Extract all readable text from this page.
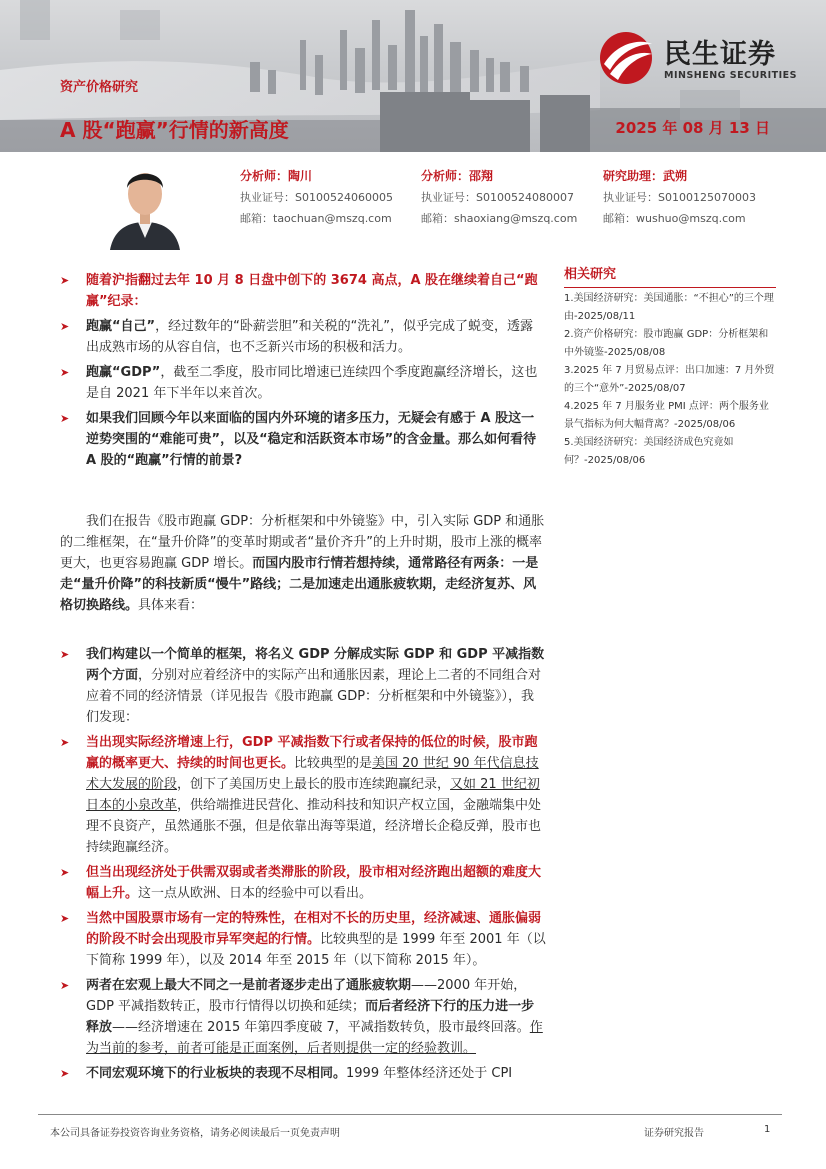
资产价格研究
A 股“跑赢”行情的新高度	2025 年 08 月 13 日
民生证券
MINSHENG SECURITIES
分析师：陶川
执业证号：S0100524060005
邮箱：taochuan@mszq.com
分析师：邵翔
执业证号：S0100524080007
邮箱：shaoxiang@mszq.com
研究助理：武朔
执业证号：S0100125070003
邮箱：wushuo@mszq.com

➤ 随着沪指翻过去年 10 月 8 日盘中创下的 3674 高点，A 股在继续着自己“跑赢”纪录：

➤ 跑赢“自己”，经过数年的“卧薪尝胆”和关税的“洗礼”，似乎完成了蜕变，透露出成熟市场的从容自信，也不乏新兴市场的积极和活力。

➤ 跑赢“GDP”，截至二季度，股市同比增速已连续四个季度跑赢经济增长，这也是自 2021 年下半年以来首次。

➤ 如果我们回顾今年以来面临的国内外环境的诸多压力，无疑会有感于 A 股这一逆势突围的“难能可贵”，以及“稳定和活跃资本市场”的含金量。那么如何看待 A 股的“跑赢”行情的前景?

我们在报告《股市跑赢 GDP：分析框架和中外镜鉴》中，引入实际 GDP 和通胀的二维框架，在“量升价降”的变革时期或者“量价齐升”的上升时期，股市上涨的概率更大，也更容易跑赢 GDP 增长。而国内股市行情若想持续，通常路径有两条：一是走“量升价降”的科技新质“慢牛”路线；二是加速走出通胀疲软期，走经济复苏、风格切换路线。具体来看：

➤ 我们构建以一个简单的框架，将名义 GDP 分解成实际 GDP 和 GDP 平减指数两个方面，分别对应着经济中的实际产出和通胀因素，理论上二者的不同组合对应着不同的经济情景（详见报告《股市跑赢 GDP：分析框架和中外镜鉴》），我们发现：

➤ 当出现实际经济增速上行，GDP 平减指数下行或者保持的低位的时候，股市跑赢的概率更大、持续的时间也更长。比较典型的是美国 20 世纪 90 年代信息技术大发展的阶段，创下了美国历史上最长的股市连续跑赢纪录，又如 21 世纪初日本的小泉改革，供给端推进民营化、推动科技和知识产权立国，金融端集中处理不良资产，虽然通胀不强，但是依靠出海等渠道，经济增长企稳反弹，股市也持续跑赢经济。

➤ 但当出现经济处于供需双弱或者类滞胀的阶段，股市相对经济跑出超额的难度大幅上升。这一点从欧洲、日本的经验中可以看出。

➤ 当然中国股票市场有一定的特殊性，在相对不长的历史里，经济减速、通胀偏弱的阶段不时会出现股市异军突起的行情。比较典型的是 1999 年至 2001 年（以下简称 1999 年），以及 2014 年至 2015 年（以下简称 2015 年）。

➤ 两者在宏观上最大不同之一是前者逐步走出了通胀疲软期——2000 年开始，GDP 平减指数转正，股市行情得以切换和延续；而后者经济下行的压力进一步释放——经济增速在 2015 年第四季度破 7，平减指数转负，股市最终回落。作为当前的参考，前者可能是正面案例，后者则提供一定的经验教训。

➤ 不同宏观环境下的行业板块的表现不尽相同。1999 年整体经济还处于 CPI

相关研究
1.美国经济研究：美国通胀：“不担心”的三个理由-2025/08/11
2.资产价格研究：股市跑赢 GDP：分析框架和中外镜鉴-2025/08/08
3.2025 年 7 月贸易点评：出口加速：7 月外贸的三个“意外”-2025/08/07
4.2025 年 7 月服务业 PMI 点评：两个服务业景气指标为何大幅背离？-2025/08/06
5.美国经济研究：美国经济成色究竟如何？-2025/08/06
本公司具备证券投资咨询业务资格，请务必阅读最后一页免责声明	证券研究报告	1
